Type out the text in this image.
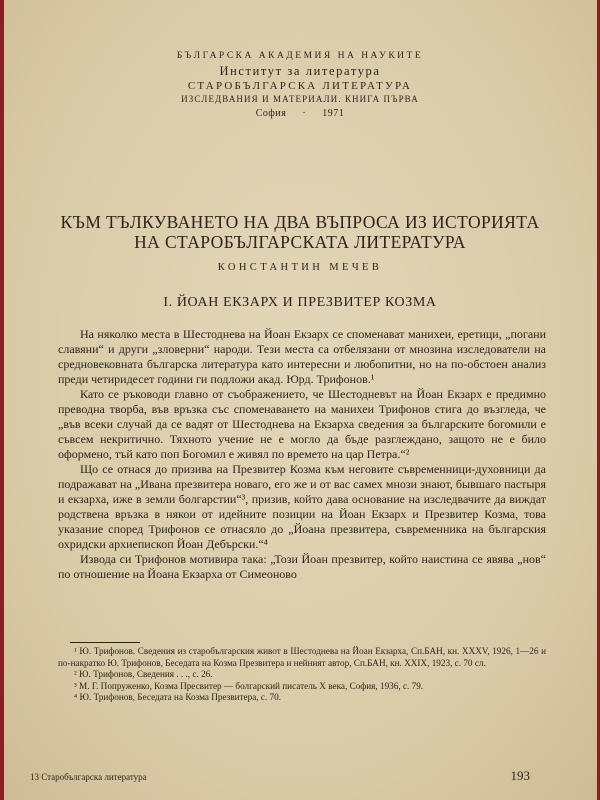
БЪЛГАРСКА АКАДЕМИЯ НА НАУКИТЕ
Институт за литература
СТАРОБЪЛГАРСКА ЛИТЕРАТУРА
ИЗСЛЕДВАНИЯ И МАТЕРИАЛИ. КНИГА ПЪРВА
София · 1971
КЪМ ТЪЛКУВАНЕТО НА ДВА ВЪПРОСА ИЗ ИСТОРИЯТА
НА СТАРОБЪЛГАРСКАТА ЛИТЕРАТУРА
КОНСТАНТИН МЕЧЕВ
I. ЙОАН ЕКЗАРХ И ПРЕЗВИТЕР КОЗМА

На няколко места в Шестоднева на Йоан Екзарх се споменават манихеи, еретици, „погани славяни“ и други „зловерни“ народи. Тези места са отбелязани от мнозина изследователи на средновековната българска литература като интересни и любопитни, но на по-обстоен анализ преди четиридесет години ги подложи акад. Юрд. Трифонов.¹

Като се ръководи главно от съображението, че Шестодневът на Йоан Екзарх е предимно преводна творба, във връзка със споменаването на манихеи Трифонов стига до възгледа, че „във всеки случай да се вадят от Шестоднева на Екзарха сведения за българските богомили е съвсем некритично. Тяхното учение не е могло да бъде разглеждано, защото не е било оформено, тъй като поп Богомил е живял по времето на цар Петра.“²

Що се отнася до призива на Презвитер Козма към неговите съвременници-духовници да подражават на „Ивана презвитера новаго, его же и от вас самех мнози знают, бывшаго пастыря и екзарха, иже в земли болгарстии“³, призив, който дава основание на изследвачите да виждат родствена връзка в някои от идейните позиции на Йоан Екзарх и Презвитер Козма, това указание според Трифонов се отнасяло до „Йоана презвитера, съвременника на българския охридски архиепископ Йоан Дебърски.“⁴

Изводa си Трифонов мотивира така: „Този Йоан презвитер, който наистина се явява „нов“ по отношение на Йоана Екзарха от Симеоново

¹ Ю. Трифонов. Сведения из старобългарския живот в Шестоднева на Йоан Екзарха, Сп.БАН, кн. XXXV, 1926, 1—26 и по-накратко Ю. Трифонов, Беседата на Козма Презвитера и нейният автор, Сп.БАН, кн. XXIX, 1923, с. 70 сл.

² Ю. Трифонов, Сведения . . ., с. 26.

³ М. Г. Попруженко, Козма Пресвитер — болгарский писатель X века, София, 1936, с. 79.

⁴ Ю. Трифонов, Беседата на Козма Презвитера, с. 70.

13 Старобългарска литература	193
